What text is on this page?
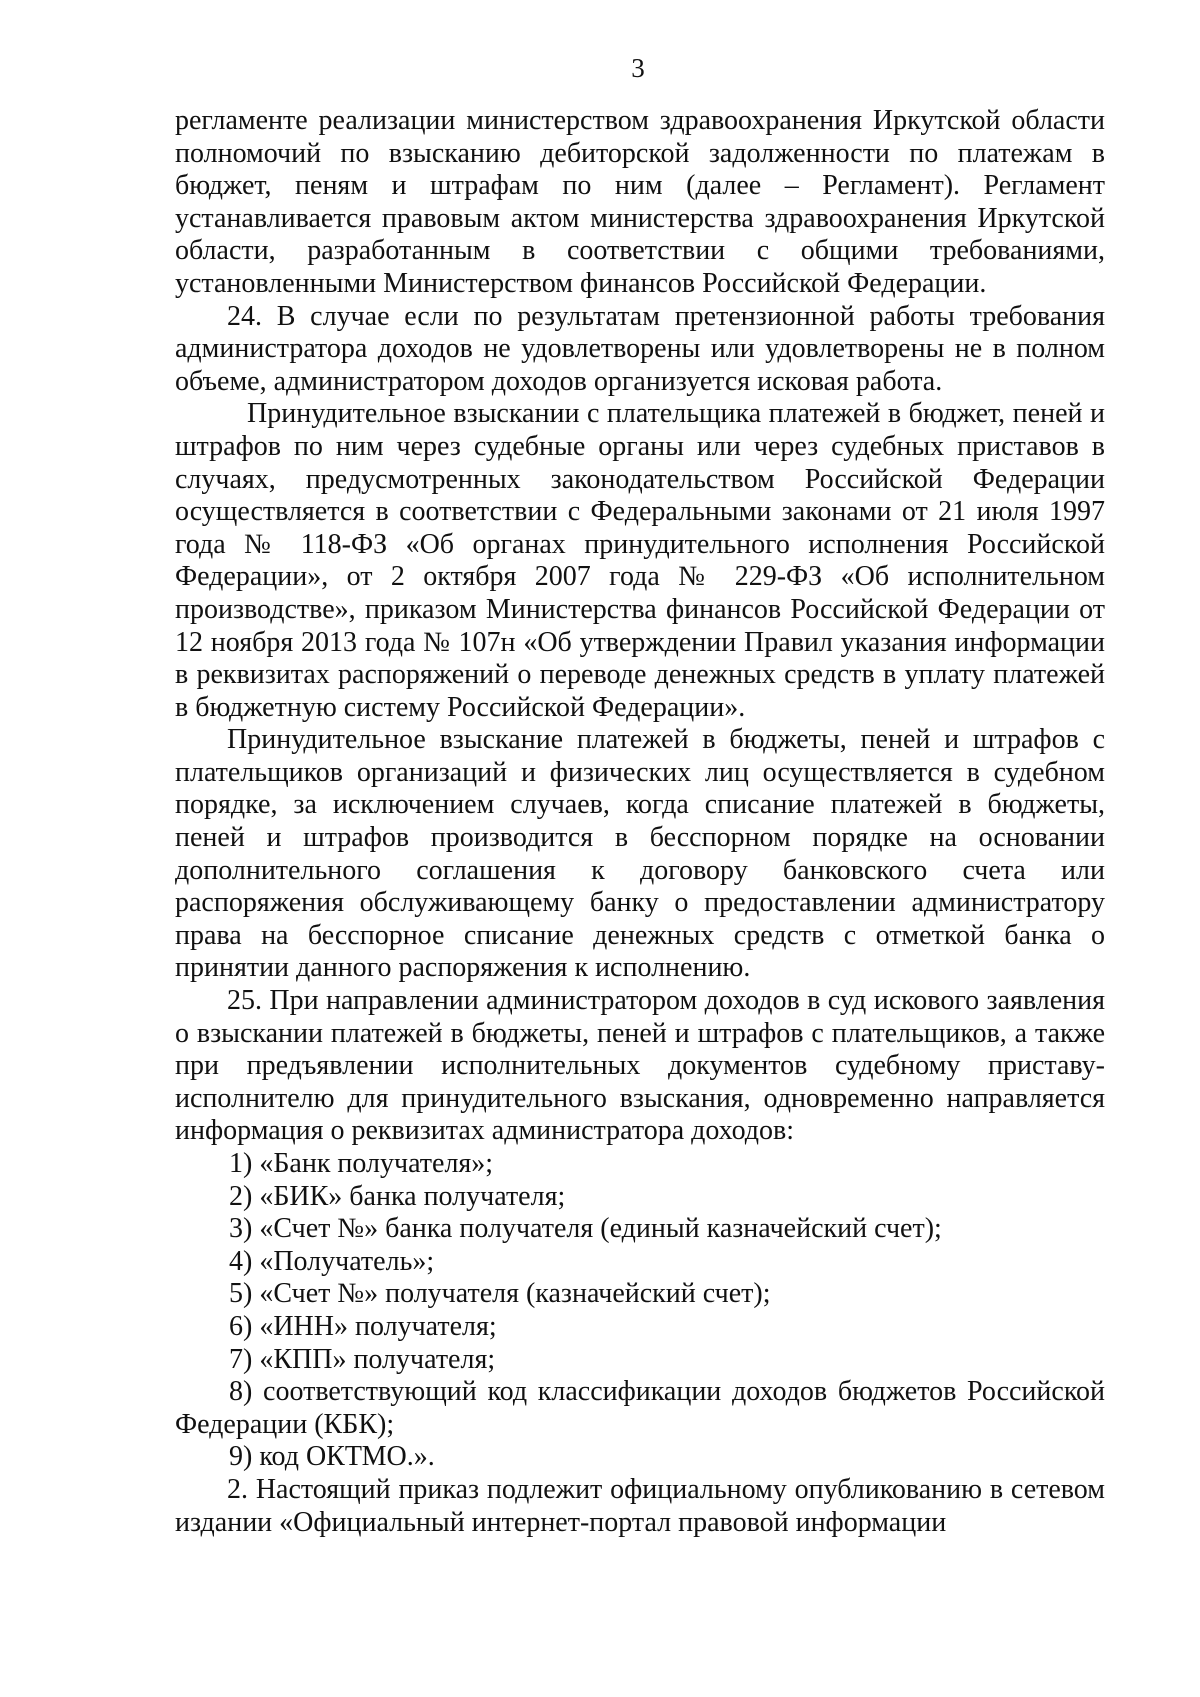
3

регламенте реализации министерством здравоохранения Иркутской области полномочий по взысканию дебиторской задолженности по платежам в бюджет, пеням и штрафам по ним (далее – Регламент). Регламент устанавливается правовым актом министерства здравоохранения Иркутской области, разработанным в соответствии с общими требованиями, установленными Министерством финансов Российской Федерации.

24. В случае если по результатам претензионной работы требования администратора доходов не удовлетворены или удовлетворены не в полном объеме, администратором доходов организуется исковая работа.

Принудительное взыскании с плательщика платежей в бюджет, пеней и штрафов по ним через судебные органы или через судебных приставов в случаях, предусмотренных законодательством Российской Федерации осуществляется в соответствии с Федеральными законами от 21 июля 1997 года № 118-ФЗ «Об органах принудительного исполнения Российской Федерации», от 2 октября 2007 года № 229-ФЗ «Об исполнительном производстве», приказом Министерства финансов Российской Федерации от 12 ноября 2013 года № 107н «Об утверждении Правил указания информации в реквизитах распоряжений о переводе денежных средств в уплату платежей в бюджетную систему Российской Федерации».

Принудительное взыскание платежей в бюджеты, пеней и штрафов с плательщиков организаций и физических лиц осуществляется в судебном порядке, за исключением случаев, когда списание платежей в бюджеты, пеней и штрафов производится в бесспорном порядке на основании дополнительного соглашения к договору банковского счета или распоряжения обслуживающему банку о предоставлении администратору права на бесспорное списание денежных средств с отметкой банка о принятии данного распоряжения к исполнению.

25. При направлении администратором доходов в суд искового заявления о взыскании платежей в бюджеты, пеней и штрафов с плательщиков, а также при предъявлении исполнительных документов судебному приставу-исполнителю для принудительного взыскания, одновременно направляется информация о реквизитах администратора доходов:

1) «Банк получателя»;

2) «БИК» банка получателя;

3) «Счет №» банка получателя (единый казначейский счет);

4) «Получатель»;

5) «Счет №» получателя (казначейский счет);

6) «ИНН» получателя;

7) «КПП» получателя;

8) соответствующий код классификации доходов бюджетов Российской Федерации (КБК);

9) код ОКТМО.».

2. Настоящий приказ подлежит официальному опубликованию в сетевом издании «Официальный интернет-портал правовой информации
